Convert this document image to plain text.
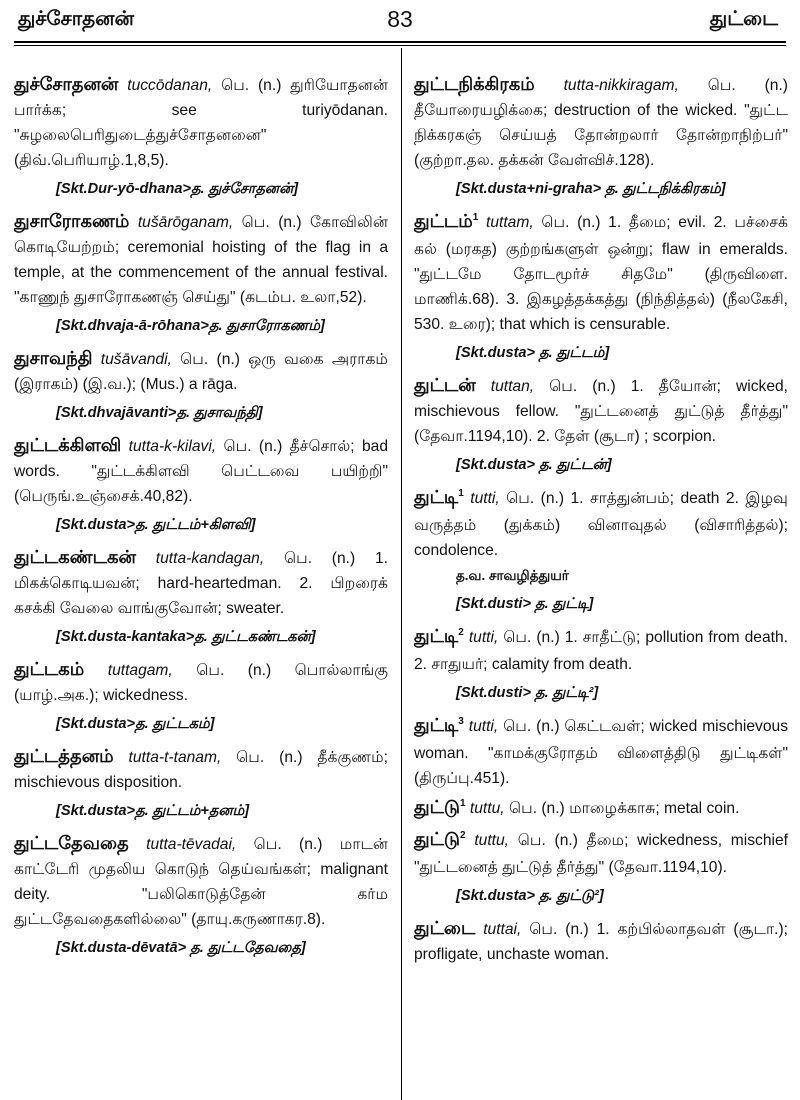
துச்சோதனன்	83	துட்டை
துச்சோதனன் tuccōdanan, பெ. (n.) துரியோதனன் பார்க்க; see turiyōdanan. "சுழலைபெரிதுடைத்துச்சோதனனை" (திவ்.பெரியாழ்.1,8,5).
[Skt.Dur-yō-dhana>த. துச்சோதனன்]
துசாரோகணம் tušārōganam, பெ. (n.) கோவிலின் கொடியேற்றம்; ceremonial hoisting of the flag in a temple, at the commencement of the annual festival. "காணுந் துசாரோகணஞ் செய்து" (கடம்ப. உலா,52).
[Skt.dhvaja-ā-rōhana>த. துசாரோகணம்]
துசாவந்தி tušāvandi, பெ. (n.) ஒரு வகை அராகம் (இராகம்) (இ.வ.); (Mus.) a rāga.
[Skt.dhvajāvanti>த. துசாவந்தி]
துட்டக்கிளவி tutta-k-kilavi, பெ. (n.) தீச்சொல்; bad words. "துட்டக்கிளவி பெட்டவை பயிற்றி" (பெருங்.உஞ்சைக்.40,82).
[Skt.dusta>த. துட்டம்+கிளவி]
துட்டகண்டகன் tutta-kandagan, பெ. (n.) 1. மிகக்கொடியவன்; hard-heartedman. 2. பிறரைக் கசக்கி வேலை வாங்குவோன்; sweater.
[Skt.dusta-kantaka>த. துட்டகண்டகன்]
துட்டகம் tuttagam, பெ. (n.) பொல்லாங்கு (யாழ்.அக.); wickedness.
[Skt.dusta>த. துட்டகம்]
துட்டத்தனம் tutta-t-tanam, பெ. (n.) தீக்குணம்; mischievous disposition.
[Skt.dusta>த. துட்டம்+தனம்]
துட்டதேவதை tutta-tēvadai, பெ. (n.) மாடன் காட்டேரி முதலிய கொடுந் தெய்வங்கள்; malignant deity. "பலிகொடுத்தேன் கர்ம துட்டதேவதைகளில்லை" (தாயு.கருணாகர.8).
[Skt.dusta-dēvatā> த. துட்டதேவதை]
துட்டநிக்கிரகம் tutta-nikkiragam, பெ. (n.) தீயோரையழிக்கை; destruction of the wicked. "துட்ட நிக்கரகஞ் செய்யத் தோன்றலார் தோன்றாநிற்பர்" (குற்றா.தல. தக்கன் வேள்விச்.128).
[Skt.dusta+ni-graha> த. துட்டநிக்கிரகம்]
துட்டம்$^1$ tuttam, பெ. (n.) 1. தீமை; evil. 2. பச்சைக் கல் (மரகத) குற்றங்களுள் ஒன்று; flaw in emeralds. "துட்டமே தோடமூர்ச் சிதமே" (திருவிளை. மாணிக்.68). 3. இகழத்தக்கத்து (நிந்தித்தல்) (நீலகேசி, 530. உரை); that which is censurable.
[Skt.dusta> த. துட்டம்]
துட்டன் tuttan, பெ. (n.) 1. தீயோன்; wicked, mischievous fellow. "துட்டனைத் துட்டுத் தீர்த்து" (தேவா.1194,10). 2. தேள் (சூடா) ; scorpion.
[Skt.dusta> த. துட்டன்]
துட்டி$^1$ tutti, பெ. (n.) 1. சாத்துன்பம்; death 2. இழவு வருத்தம் (துக்கம்) வினாவுதல் (விசாரித்தல்); condolence.
த.வ. சாவழித்துயர்
[Skt.dusti> த. துட்டி]
துட்டி$^2$ tutti, பெ. (n.) 1. சாதீட்டு; pollution from death. 2. சாதுயர்; calamity from death.
[Skt.dusti> த. துட்டி²]
துட்டி$^3$ tutti, பெ. (n.) கெட்டவள்; wicked mischievous woman. "காமக்குரோதம் விளைத்திடு துட்டிகள்" (திருப்பு.451).
துட்டு$^1$ tuttu, பெ. (n.) மாழைக்காசு; metal coin.
துட்டு$^2$ tuttu, பெ. (n.) தீமை; wickedness, mischief "துட்டனைத் துட்டுத் தீர்த்து" (தேவா.1194,10).
[Skt.dusta> த. துட்டு²]
துட்டை tuttai, பெ. (n.) 1. கற்பில்லாதவள் (சூடா.); profligate, unchaste woman.
